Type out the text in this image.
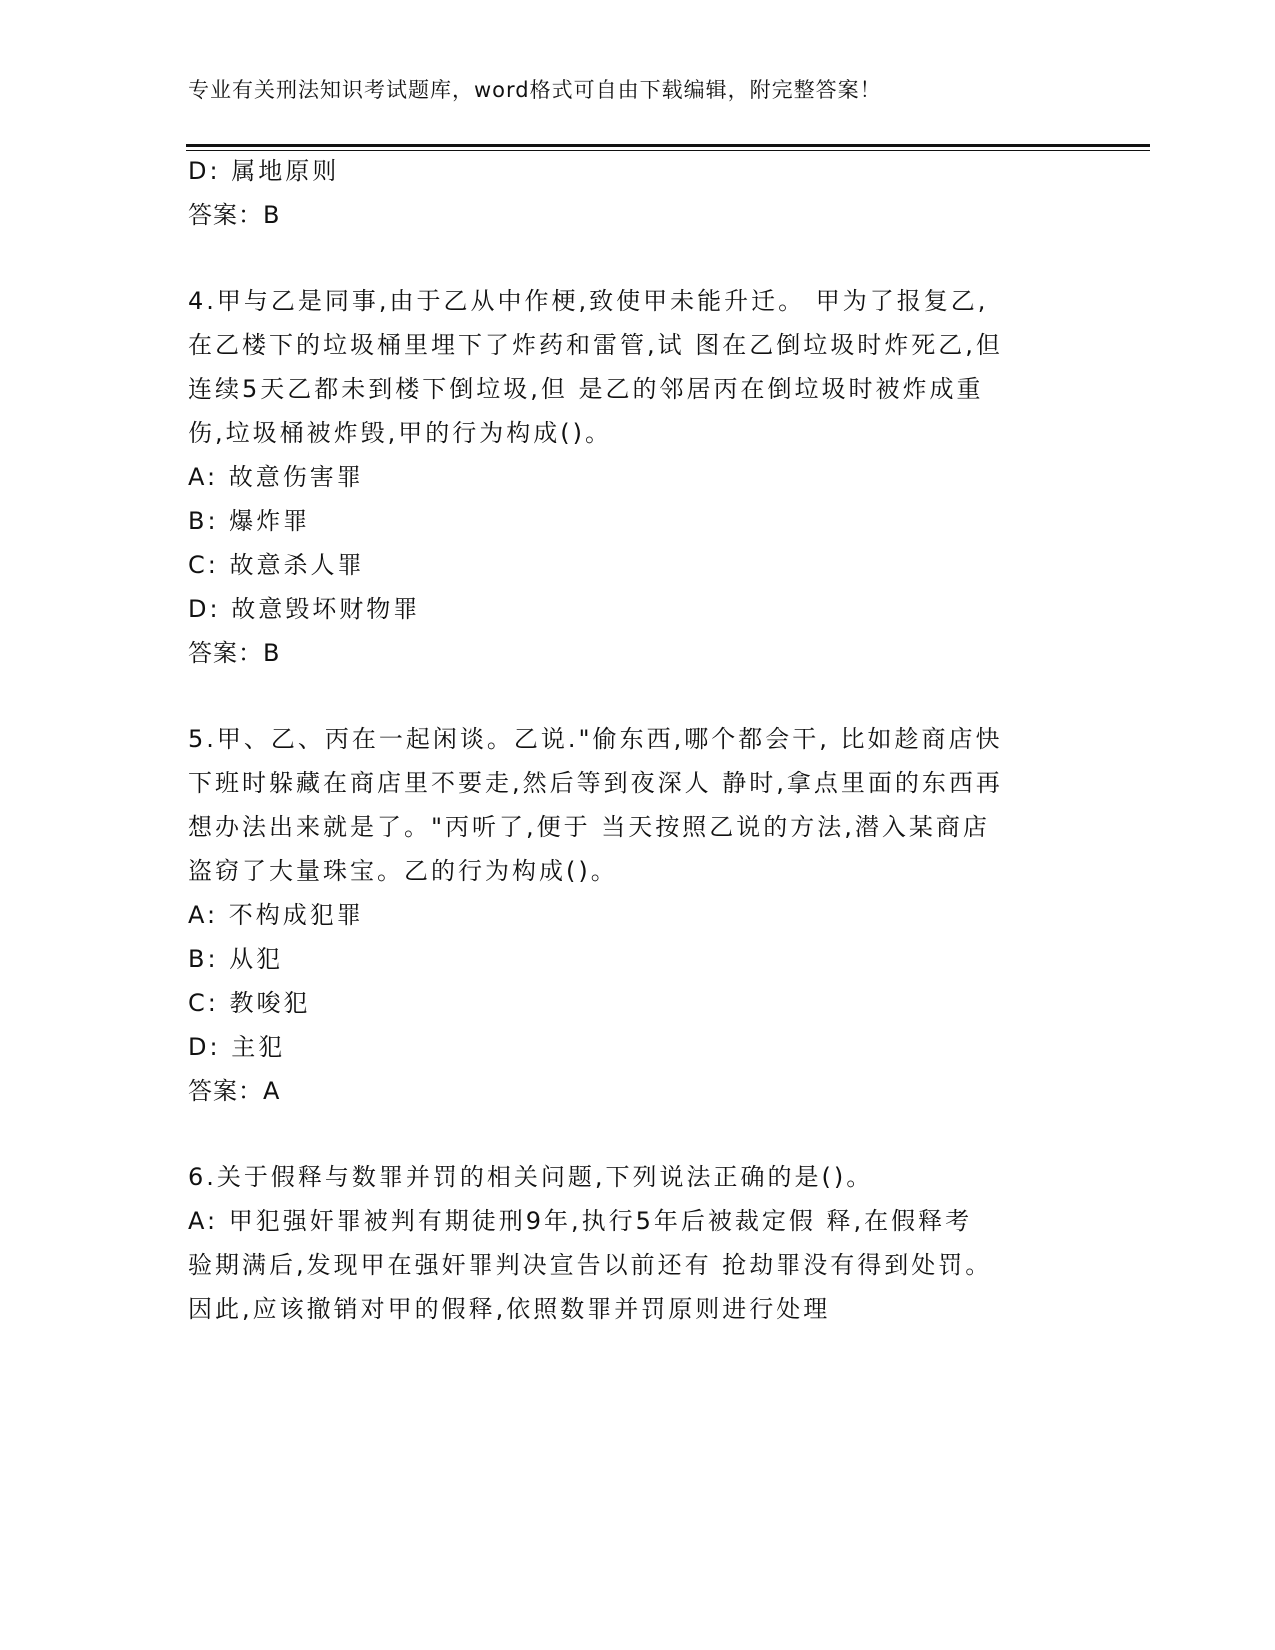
专业有关刑法知识考试题库，word格式可自由下载编辑，附完整答案！
D: 属地原则
答案：B
4.甲与乙是同事,由于乙从中作梗,致使甲未能升迁。 甲为了报复乙,
在乙楼下的垃圾桶里埋下了炸药和雷管,试 图在乙倒垃圾时炸死乙,但
连续5天乙都未到楼下倒垃圾,但 是乙的邻居丙在倒垃圾时被炸成重
伤,垃圾桶被炸毁,甲的行为构成()。
A: 故意伤害罪
B: 爆炸罪
C: 故意杀人罪
D: 故意毁坏财物罪
答案：B
5.甲、乙、丙在一起闲谈。乙说."偷东西,哪个都会干, 比如趁商店快
下班时躲藏在商店里不要走,然后等到夜深人 静时,拿点里面的东西再
想办法出来就是了。"丙听了,便于 当天按照乙说的方法,潜入某商店
盗窃了大量珠宝。乙的行为构成()。
A: 不构成犯罪
B: 从犯
C: 教唆犯
D: 主犯
答案：A
6.关于假释与数罪并罚的相关问题,下列说法正确的是()。
A: 甲犯强奸罪被判有期徒刑9年,执行5年后被裁定假 释,在假释考
验期满后,发现甲在强奸罪判决宣告以前还有 抢劫罪没有得到处罚。
因此,应该撤销对甲的假释,依照数罪并罚原则进行处理
